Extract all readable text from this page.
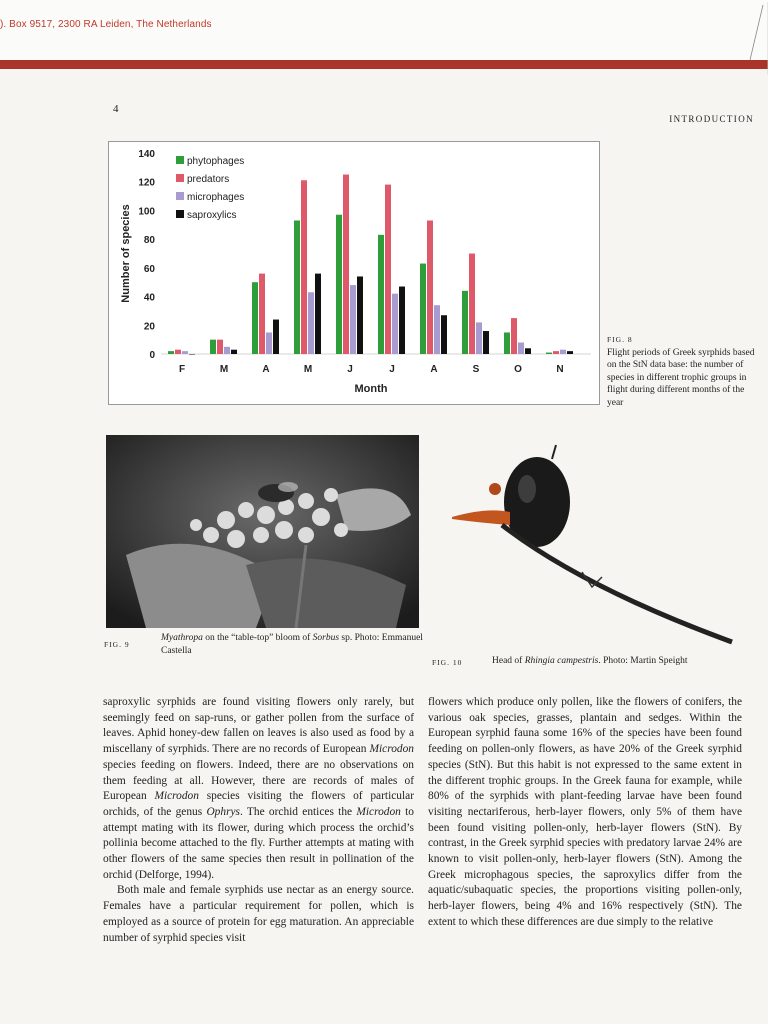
). Box 9517, 2300 RA Leiden, The Netherlands
4
INTRODUCTION
0
20
40
60
80
100
120
140
Number of species
F	M	A	M	J	J	A	S	O	N
Month
phytophages
predators
microphages
saproxylics
FIG. 8
Flight periods of Greek syrphids based on the StN data base: the number of species in different trophic groups in flight during different months of the year
FIG. 9
Myathropa on the “table-top” bloom of Sorbus sp. Photo: Emmanuel Castella
FIG. 10	Head of Rhingia campestris. Photo: Martin Speight

saproxylic syrphids are found visiting flowers only rarely, but seemingly feed on sap-runs, or gather pollen from the surface of leaves. Aphid honey-dew fallen on leaves is also used as food by a miscellany of syrphids. There are no records of European Microdon species feeding on flowers. Indeed, there are no observations on them feeding at all. However, there are records of males of European Microdon species visiting the flowers of particular orchids, of the genus Ophrys. The orchid entices the Microdon to attempt mating with its flower, during which process the orchid’s pollinia become attached to the fly. Further attempts at mating with other flowers of the same species then result in pollination of the orchid (Delforge, 1994).

Both male and female syrphids use nectar as an energy source. Females have a particular requirement for pollen, which is employed as a source of protein for egg maturation. An appreciable number of syrphid species visit

flowers which produce only pollen, like the flowers of conifers, the various oak species, grasses, plantain and sedges. Within the European syrphid fauna some 16% of the species have been found feeding on pollen-only flowers, as have 20% of the Greek syrphid species (StN). But this habit is not expressed to the same extent in the different trophic groups. In the Greek fauna for example, while 80% of the syrphids with plant-feeding larvae have been found visiting nectariferous, herb-layer flowers, only 5% of them have been found visiting pollen-only, herb-layer flowers (StN). By contrast, in the Greek syrphid species with predatory larvae 24% are known to visit pollen-only, herb-layer flowers (StN). Among the Greek microphagous species, the saproxylics differ from the aquatic/subaquatic species, the proportions visiting pollen-only, herb-layer flowers, being 4% and 16% respectively (StN). The extent to which these differences are due simply to the relative
